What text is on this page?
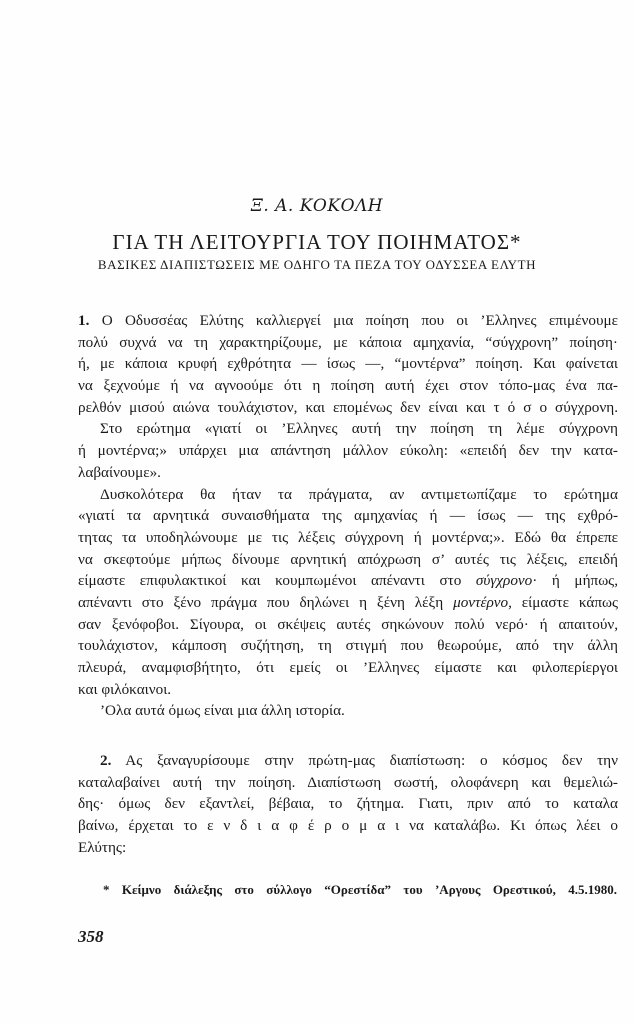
Ξ. Α. ΚΟΚΟΛΗ
ΓΙΑ ΤΗ ΛΕΙΤΟΥΡΓΙΑ ΤΟΥ ΠΟΙΗΜΑΤΟΣ*
ΒΑΣΙΚΕΣ ΔΙΑΠΙΣΤΩΣΕΙΣ ΜΕ ΟΔΗΓΟ ΤΑ ΠΕΖΑ ΤΟΥ ΟΔΥΣΣΕΑ ΕΛΥΤΗ
1. Ο Οδυσσέας Ελύτης καλλιεργεί μια ποίηση που οι ’Ελληνες επιμένουμε
πολύ συχνά να τη χαρακτηρίζουμε, με κάποια αμηχανία, “σύγχρονη” ποίηση·
ή, με κάποια κρυφή εχθρότητα — ίσως —, “μοντέρνα” ποίηση. Και φαίνεται
να ξεχνούμε ή να αγνοούμε ότι η ποίηση αυτή έχει στον τόπο-μας ένα πα-
ρελθόν μισού αιώνα τουλάχιστον, και επομένως δεν είναι και τ ό σ ο σύγχρονη.
Στο ερώτημα «γιατί οι ’Ελληνες αυτή την ποίηση τη λέμε σύγχρονη
ή μοντέρνα;» υπάρχει μια απάντηση μάλλον εύκολη: «επειδή δεν την κατα-
λαβαίνουμε».
Δυσκολότερα θα ήταν τα πράγματα, αν αντιμετωπίζαμε το ερώτημα
«γιατί τα αρνητικά συναισθήματα της αμηχανίας ή — ίσως — της εχθρό-
τητας τα υποδηλώνουμε με τις λέξεις σύγχρονη ή μοντέρνα;». Εδώ θα έπρεπε
να σκεφτούμε μήπως δίνουμε αρνητική απόχρωση σ’ αυτές τις λέξεις, επειδή
είμαστε επιφυλακτικοί και κουμπωμένοι απέναντι στο σύγχρονο· ή μήπως,
απέναντι στο ξένο πράγμα που δηλώνει η ξένη λέξη μοντέρνο, είμαστε κάπως
σαν ξενόφοβοι. Σίγουρα, οι σκέψεις αυτές σηκώνουν πολύ νερό· ή απαιτούν,
τουλάχιστον, κάμποση συζήτηση, τη στιγμή που θεωρούμε, από την άλλη
πλευρά, αναμφισβήτητο, ότι εμείς οι ’Ελληνες είμαστε και φιλοπερίεργοι
και φιλόκαινοι.
’Ολα αυτά όμως είναι μια άλλη ιστορία.
2. Ας ξαναγυρίσουμε στην πρώτη-μας διαπίστωση: ο κόσμος δεν την
καταλαβαίνει αυτή την ποίηση. Διαπίστωση σωστή, ολοφάνερη και θεμελιώ-
δης· όμως δεν εξαντλεί, βέβαια, το ζήτημα. Γιατι, πριν από το καταλα
βαίνω, έρχεται το ε ν δ ι α φ έ ρ ο μ α ι να καταλάβω. Κι όπως λέει ο
Ελύτης:
* Κείμνο διάλεξης στο σύλλογο “Ορεστίδα” του ’Αργους Ορεστικού, 4.5.1980.
358
